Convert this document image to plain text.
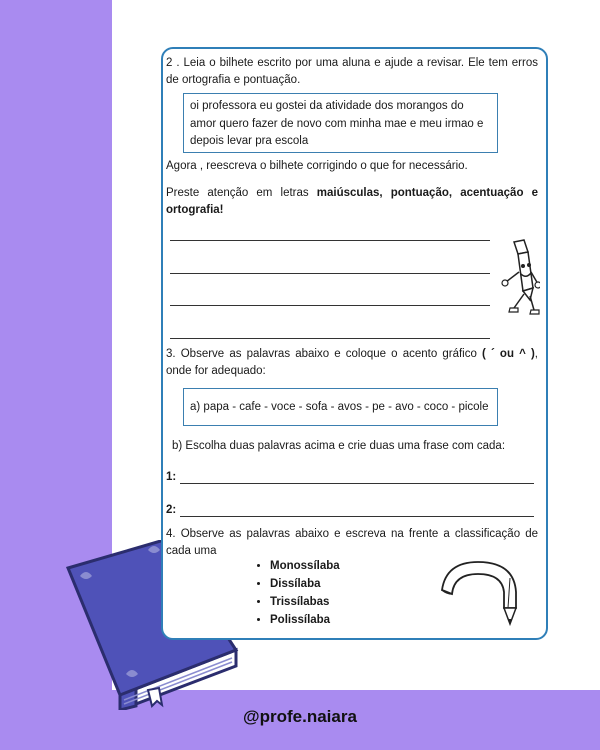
2 . Leia o bilhete escrito por uma aluna e ajude a revisar. Ele tem erros de ortografia e pontuação.

oi professora eu gostei da atividade dos morangos do amor quero fazer de novo com minha mae e meu irmao e depois levar pra escola

Agora , reescreva o bilhete corrigindo o que for necessário.

Preste atenção em letras maiúsculas, pontuação, acentuação e ortografia!

3. Observe as palavras abaixo e coloque o acento gráfico ( ´ ou ^ ), onde for adequado:

a) papa - cafe - voce - sofa - avos - pe - avo - coco - picole

b) Escolha duas palavras acima e crie duas uma frase com cada:

1:
2:

4. Observe as palavras abaixo e escreva na frente a classificação de cada uma

• Monossílaba
• Dissílaba
• Trissílabas
• Polissílaba
@profe.naiara
